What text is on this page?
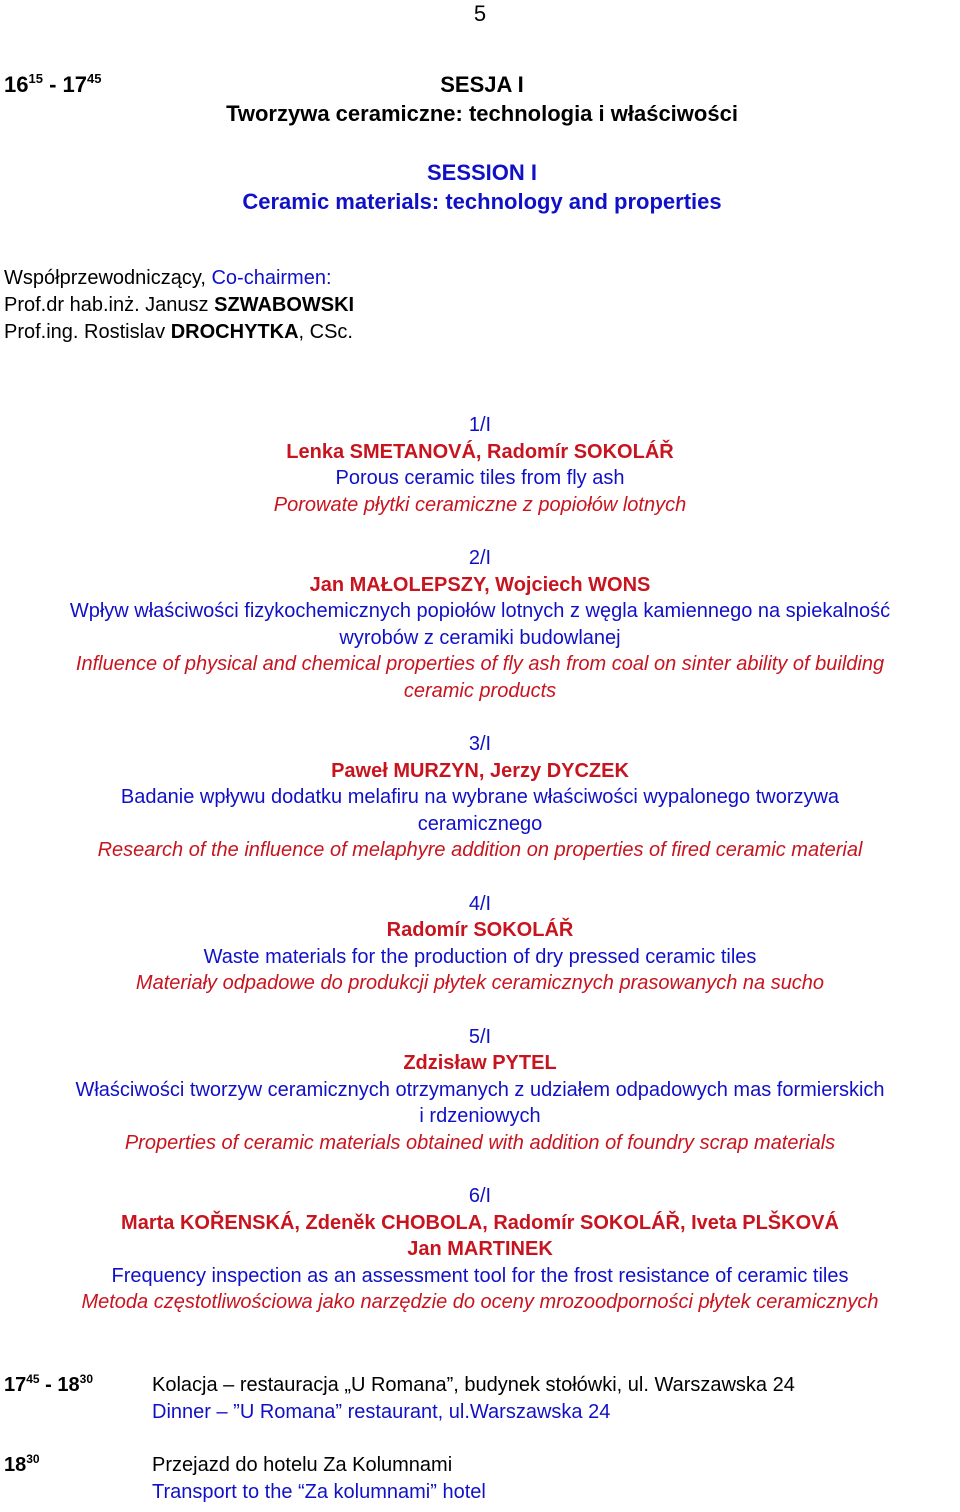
5
$16^{15} - 17^{45}$	SESJA I
Tworzywa ceramiczne: technologia i właściwości
SESSION I
Ceramic materials: technology and properties
Współprzewodniczący, Co-chairmen:
Prof.dr hab.inż. Janusz SZWABOWSKI
Prof.ing. Rostislav DROCHYTKA, CSc.
1/I
Lenka SMETANOVÁ, Radomír SOKOLÁŘ
Porous ceramic tiles from fly ash
Porowate płytki ceramiczne z popiołów lotnych
2/I
Jan MAŁOLEPSZY, Wojciech WONS
Wpływ właściwości fizykochemicznych popiołów lotnych z węgla kamiennego na spiekalność
wyrobów z ceramiki budowlanej
Influence of physical and chemical properties of fly ash from coal on sinter ability of building
ceramic products
3/I
Paweł MURZYN, Jerzy DYCZEK
Badanie wpływu dodatku melafiru na wybrane właściwości wypalonego tworzywa
ceramicznego
Research of the influence of melaphyre addition on properties of fired ceramic material
4/I
Radomír SOKOLÁŘ
Waste materials for the production of dry pressed ceramic tiles
Materiały odpadowe do produkcji płytek ceramicznych prasowanych na sucho
5/I
Zdzisław PYTEL
Właściwości tworzyw ceramicznych otrzymanych z udziałem odpadowych mas formierskich
i rdzeniowych
Properties of ceramic materials obtained with addition of foundry scrap materials
6/I
Marta KOŘENSKÁ, Zdeněk CHOBOLA, Radomír SOKOLÁŘ, Iveta PLŠKOVÁ
Jan MARTINEK
Frequency inspection as an assessment tool for the frost resistance of ceramic tiles
Metoda częstotliwościowa jako narzędzie do oceny mrozoodporności płytek ceramicznych
$17^{45} - 18^{30}$	Kolacja – restauracja „U Romana”, budynek stołówki, ul. Warszawska 24
Dinner – ”U Romana” restaurant, ul.Warszawska 24
$18^{30}$	Przejazd do hotelu Za Kolumnami
Transport to the “Za kolumnami” hotel
